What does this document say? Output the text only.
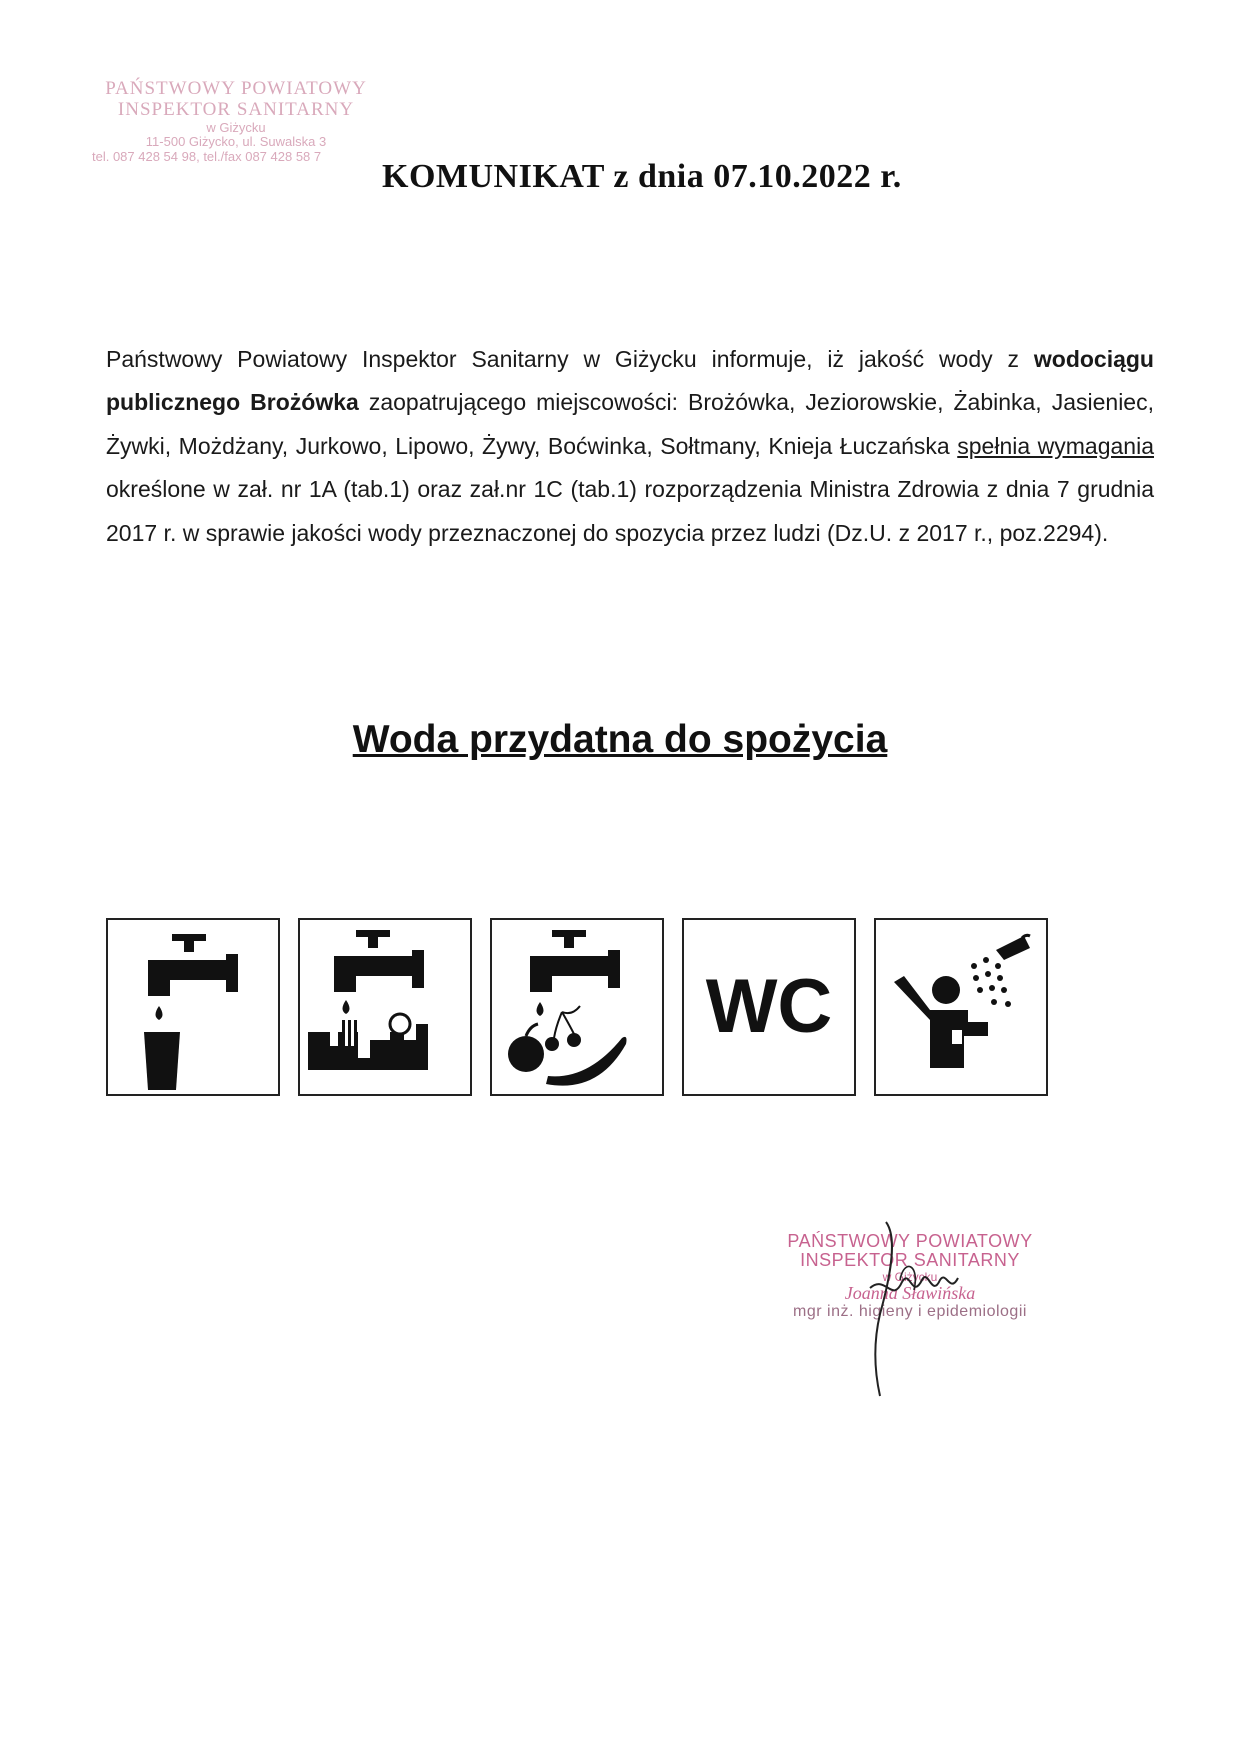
PAŃSTWOWY POWIATOWY
INSPEKTOR SANITARNY
w Giżycku
11-500 Giżycko, ul. Suwalska 3
tel. 087 428 54 98, tel./fax 087 428 58 7
KOMUNIKAT z dnia 07.10.2022 r.
Państwowy Powiatowy Inspektor Sanitarny w Giżycku informuje, iż jakość wody z wodociągu publicznego Brożówka zaopatrującego miejscowości: Brożówka, Jeziorowskie, Żabinka, Jasieniec, Żywki, Możdżany, Jurkowo, Lipowo, Żywy, Boćwinka, Sołtmany, Knieja Łuczańska spełnia wymagania określone w zał. nr 1A (tab.1) oraz zał.nr 1C (tab.1) rozporządzenia Ministra Zdrowia z dnia 7 grudnia 2017 r. w sprawie jakości wody przeznaczonej do spozycia przez ludzi (Dz.U. z 2017 r., poz.2294).
Woda przydatna do spożycia
WC
PAŃSTWOWY POWIATOWY
INSPEKTOR SANITARNY
w Giżycku
Joanna Sławińska
mgr inż. higieny i epidemiologii
